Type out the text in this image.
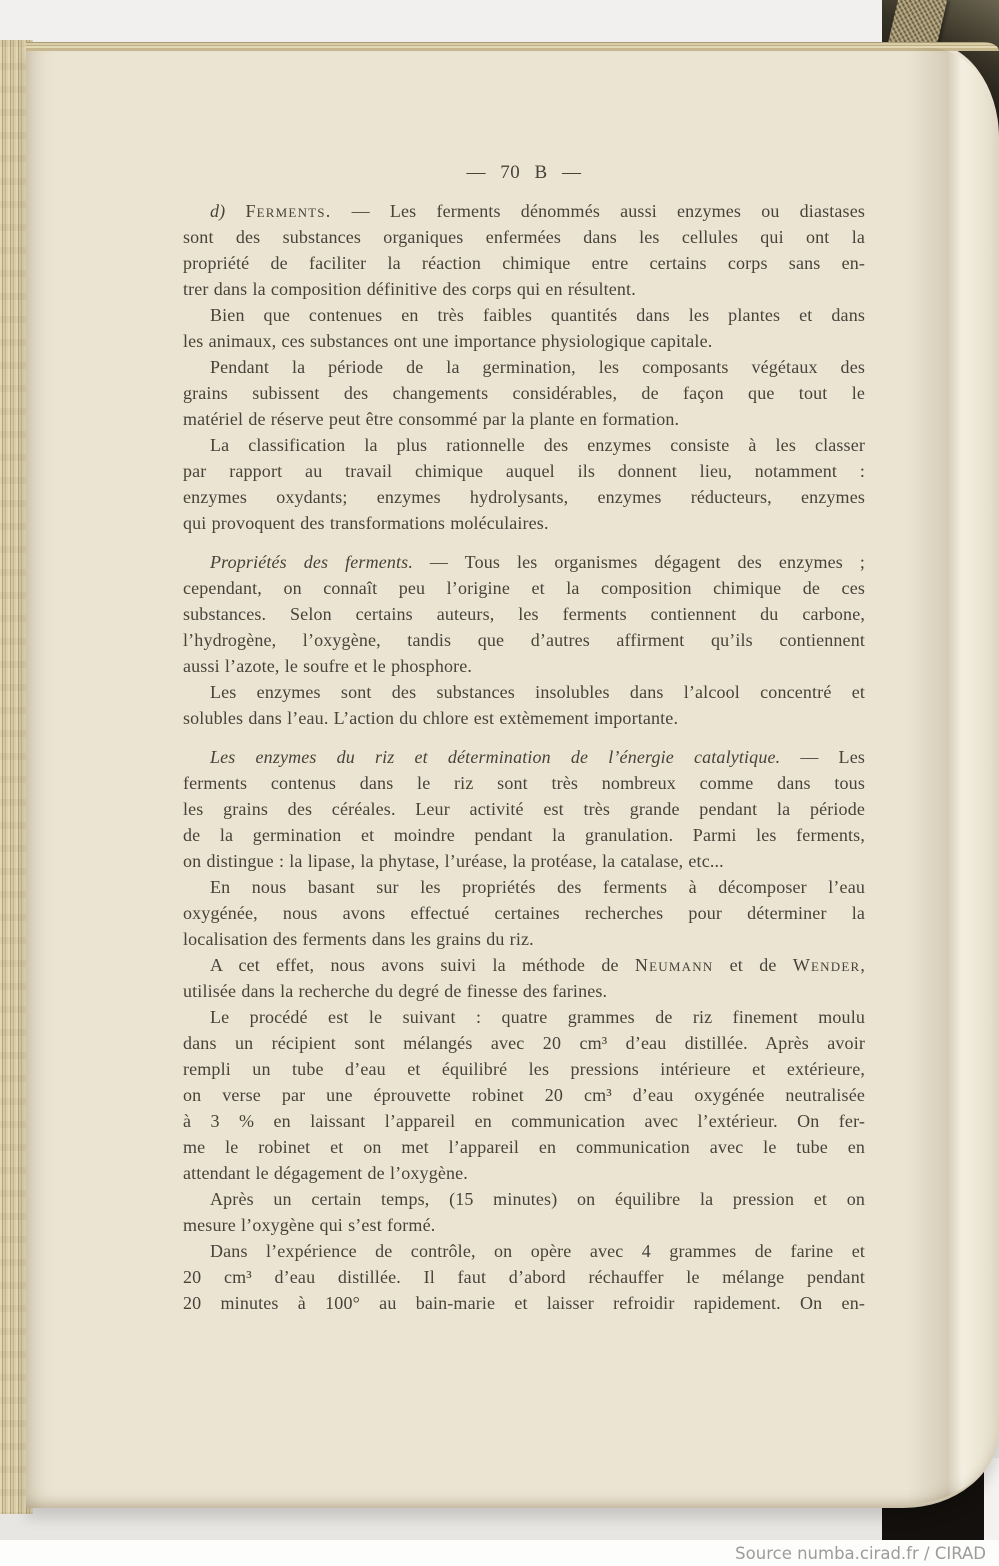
— 70 B —
d) Ferments. — Les ferments dénommés aussi enzymes ou diastases
sont des substances organiques enfermées dans les cellules qui ont la
propriété de faciliter la réaction chimique entre certains corps sans en-
trer dans la composition définitive des corps qui en résultent.
Bien que contenues en très faibles quantités dans les plantes et dans
les animaux, ces substances ont une importance physiologique capitale.
Pendant la période de la germination, les composants végétaux des
grains subissent des changements considérables, de façon que tout le
matériel de réserve peut être consommé par la plante en formation.
La classification la plus rationnelle des enzymes consiste à les classer
par rapport au travail chimique auquel ils donnent lieu, notamment :
enzymes oxydants; enzymes hydrolysants, enzymes réducteurs, enzymes
qui provoquent des transformations moléculaires.
Propriétés des ferments. — Tous les organismes dégagent des enzymes ;
cependant, on connaît peu l’origine et la composition chimique de ces
substances. Selon certains auteurs, les ferments contiennent du carbone,
l’hydrogène, l’oxygène, tandis que d’autres affirment qu’ils contiennent
aussi l’azote, le soufre et le phosphore.
Les enzymes sont des substances insolubles dans l’alcool concentré et
solubles dans l’eau. L’action du chlore est extèmement importante.
Les enzymes du riz et détermination de l’énergie catalytique. — Les
ferments contenus dans le riz sont très nombreux comme dans tous
les grains des céréales. Leur activité est très grande pendant la période
de la germination et moindre pendant la granulation. Parmi les ferments,
on distingue : la lipase, la phytase, l’uréase, la protéase, la catalase, etc...
En nous basant sur les propriétés des ferments à décomposer l’eau
oxygénée, nous avons effectué certaines recherches pour déterminer la
localisation des ferments dans les grains du riz.
A cet effet, nous avons suivi la méthode de Neumann et de Wender,
utilisée dans la recherche du degré de finesse des farines.
Le procédé est le suivant : quatre grammes de riz finement moulu
dans un récipient sont mélangés avec 20 cm³ d’eau distillée. Après avoir
rempli un tube d’eau et équilibré les pressions intérieure et extérieure,
on verse par une éprouvette robinet 20 cm³ d’eau oxygénée neutralisée
à 3 % en laissant l’appareil en communication avec l’extérieur. On fer-
me le robinet et on met l’appareil en communication avec le tube en
attendant le dégagement de l’oxygène.
Après un certain temps, (15 minutes) on équilibre la pression et on
mesure l’oxygène qui s’est formé.
Dans l’expérience de contrôle, on opère avec 4 grammes de farine et
20 cm³ d’eau distillée. Il faut d’abord réchauffer le mélange pendant
20 minutes à 100° au bain-marie et laisser refroidir rapidement. On en-
Source numba.cirad.fr / CIRAD
